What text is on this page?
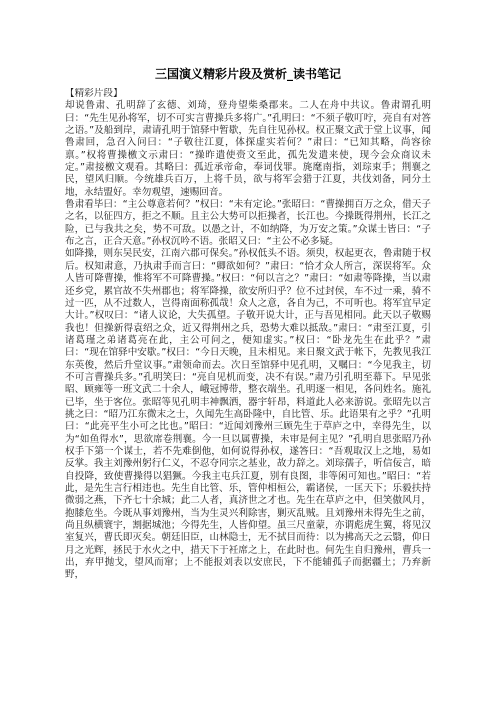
三国演义精彩片段及赏析_读书笔记

【精彩片段】

却说鲁肃、孔明辞了玄德、刘琦，登舟望柴桑郡来。二人在舟中共议。鲁肃谓孔明曰：“先生见孙将军，切不可实言曹操兵多将广。”孔明曰：“不须子敬叮咛，亮自有对答之语。”及船到岸，肃请孔明于馆驿中暂歇，先自往见孙权。权正聚文武于堂上议事，闻鲁肃回，急召入问曰：“子敬往江夏，体探虚实若何？”肃曰：“已知其略，尚容徐禀。”权将曹操檄文示肃曰：“操昨遣使赍文至此，孤先发遣来使，现今会众商议未定。”肃接檄文观看。其略曰：孤近承帝命，奉词伐罪。旄麾南指，刘琮束手；荆襄之民，望风归顺。今统雄兵百万，上将千员，欲与将军会猎于江夏，共伐刘备，同分土地，永结盟好。幸勿观望，速赐回音。

鲁肃看毕曰：“主公尊意若何？”权曰：“未有定论。”张昭曰：“曹操拥百万之众，借天子之名，以征四方，拒之不顺。且主公大势可以拒操者，长江也。今操既得荆州，长江之险，已与我共之矣，势不可敌。以愚之计，不如纳降，为万安之策。”众谋士皆曰：“子布之言，正合天意。”孙权沉吟不语。张昭又曰：“主公不必多疑。

如降操，则东吴民安，江南六郡可保矣。”孙权低头不语。须臾，权起更衣，鲁肃随于权后。权知肃意，乃执肃手而言曰：“卿欲如何？”肃曰：“恰才众人所言，深误将军。众人皆可降曹操，惟将军不可降曹操。”权曰：“何以言之？”肃曰：“如肃等降操，当以肃还乡党，累官故不失州郡也；将军降操，欲安所归乎？位不过封侯，车不过一乘，骑不过一匹，从不过数人，岂得南面称孤哉！众人之意，各自为己，不可听也。将军宜早定大计。”权叹曰：“诸人议论，大失孤望。子敬开说大计，正与吾见相同。此天以子敬赐我也！但操新得袁绍之众，近又得荆州之兵，恐势大难以抵敌。”肃曰：“肃至江夏，引诸葛瑾之弟诸葛亮在此，主公可问之，便知虚实。”权曰：“卧龙先生在此乎？”肃曰：“现在馆驿中安歇。”权曰：“今日天晚，且未相见。来日聚文武于帐下，先教见我江东英俊，然后升堂议事。”肃领命而去。次日至馆驿中见孔明，又嘱曰：“今见我主，切不可言曹操兵多。”孔明笑曰：“亮自见机而变，决不有误。”肃乃引孔明至幕下。早见张昭、顾雍等一班文武二十余人，峨冠博带，整衣端坐。孔明逐一相见，各问姓名。施礼已毕，坐于客位。张昭等见孔明丰神飘洒，器宇轩昂，料道此人必来游说。张昭先以言挑之曰：“昭乃江东微末之士，久闻先生高卧隆中，自比管、乐。此语果有之乎？”孔明曰：“此亮平生小可之比也。”昭曰：“近闻刘豫州三顾先生于草庐之中，幸得先生，以为“如鱼得水”，思欲席卷荆襄。今一旦以属曹操，未审是何主见？”孔明自思张昭乃孙权手下第一个谋士，若不先难倒他，如何说得孙权，遂答曰：“吾观取汉上之地，易如反掌。我主刘豫州躬行仁义，不忍夺同宗之基业，故力辞之。刘琮孺子，听信佞言，暗自投降，致使曹操得以猖獗。今我主屯兵江夏，别有良图，非等闲可知也。”昭曰：“若此，是先生言行相违也。先生自比管、乐，管仲相桓公，霸诸侯，一匡天下；乐毅扶持微弱之燕，下齐七十余城；此二人者，真济世之才也。先生在草庐之中，但笑傲风月，抱膝危坐。今既从事刘豫州，当为生灵兴利除害，剿灭乱贼。且刘豫州未得先生之前，尚且纵横寰宇，割据城池；今得先生，人皆仰望。虽三尺童蒙，亦谓彪虎生翼，将见汉室复兴，曹氏即灭矣。朝廷旧臣，山林隐士，无不拭目而待：以为拂高天之云翳，仰日月之光辉，拯民于水火之中，措天下于衽席之上，在此时也。何先生自归豫州，曹兵一出，弃甲抛戈，望风而窜；上不能报刘表以安庶民，下不能辅孤子而据疆土；乃弃新野，
